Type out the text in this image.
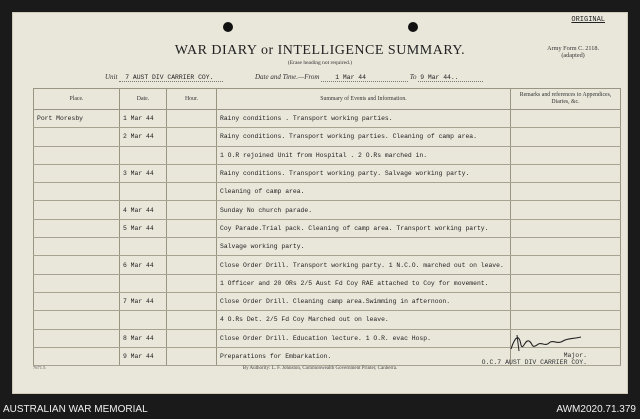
ORIGINAL
Army Form C. 2118.
(adapted)
WAR DIARY or INTELLIGENCE SUMMARY.
(Erase heading not required.)
Unit 7 AUST DIV CARRIER COY.	Date and Time.—From 1 Mar 44	To 9 Mar 44..
Place.	Date.	Hour.	Summary of Events and Information.	Remarks and references to Appendices, Diaries, &c.
Port Moresby	1 Mar 44		Rainy conditions . Transport working parties.	
	2 Mar 44		Rainy conditions. Transport working parties. Cleaning of camp area.	
			1 O.R rejoined Unit from Hospital . 2 O.Rs marched in.	
	3 Mar 44		Rainy conditions. Transport working party. Salvage working party.	
			Cleaning of camp area.	
	4 Mar 44		Sunday No church parade.	
	5 Mar 44		Coy Parade.Trial pack. Cleaning of camp area. Transport working party.	
			Salvage working party.	
	6 Mar 44		Close Order Drill. Transport working party. 1 N.C.O. marched out on leave.	
			1 Officer and 20 ORs 2/5 Aust Fd Coy RAE attached to Coy for movement.	
	7 Mar 44		Close Order Drill. Cleaning camp area.Swimming in afternoon.	
			4 O.Rs Det. 2/5 Fd Coy Marched out on leave.	
	8 Mar 44		Close Order Drill. Education lecture. 1 O.R. evac Hosp.	
	9 Mar 44		Preparations for Embarkation.		Major.
O.C.7 AUST DIV CARRIER COY.
7671.5.	By Authority: L. F. Johnston, Commonwealth Government Printer, Canberra.
AUSTRALIAN WAR MEMORIAL	AWM2020.71.379
